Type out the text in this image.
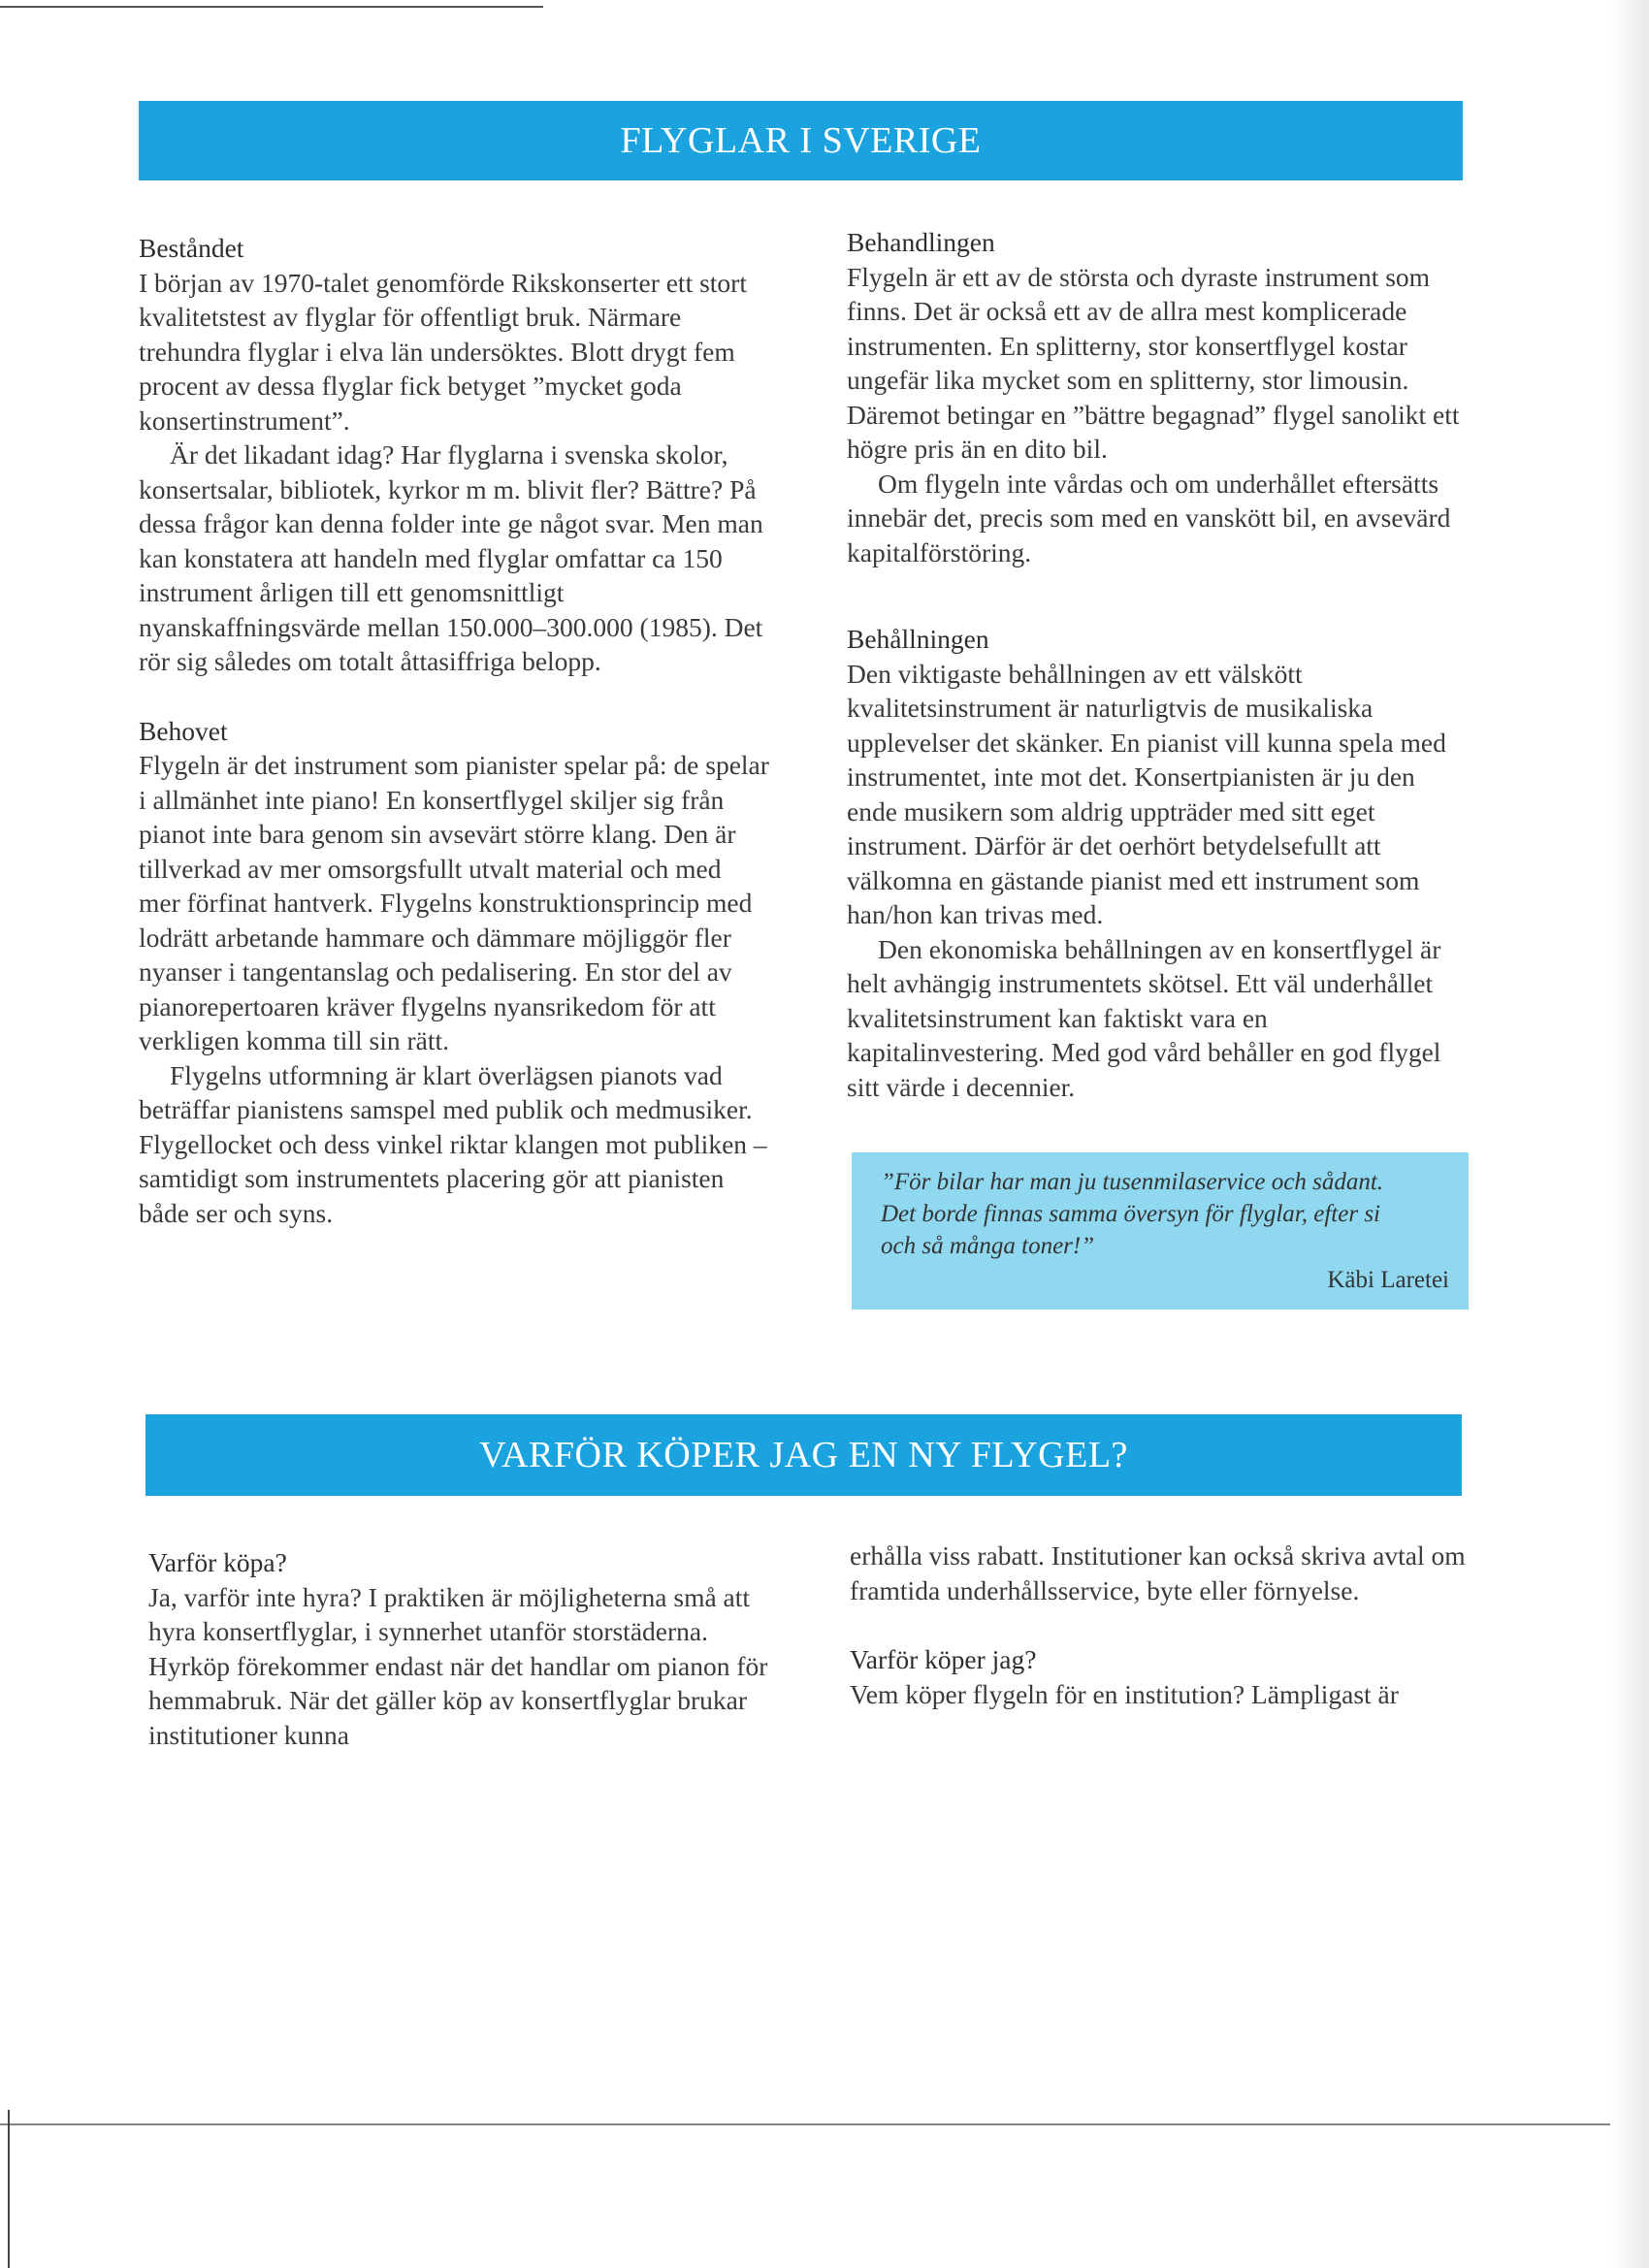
FLYGLAR I SVERIGE
Beståndet

I början av 1970-talet genomförde Rikskonserter ett stort kvalitetstest av flyglar för offentligt bruk. Närmare trehundra flyglar i elva län undersöktes. Blott drygt fem procent av dessa flyglar fick betyget ”mycket goda konsertinstrument”.

Är det likadant idag? Har flyglarna i svenska skolor, konsertsalar, bibliotek, kyrkor m m. blivit fler? Bättre? På dessa frågor kan denna folder inte ge något svar. Men man kan konstatera att handeln med flyglar omfattar ca 150 instrument årligen till ett genomsnittligt nyanskaffningsvärde mellan 150.000–300.000 (1985). Det rör sig således om totalt åttasiffriga belopp.

Behovet

Flygeln är det instrument som pianister spelar på: de spelar i allmänhet inte piano! En konsertflygel skiljer sig från pianot inte bara genom sin avsevärt större klang. Den är tillverkad av mer omsorgsfullt utvalt material och med mer förfinat hantverk. Flygelns konstruktionsprincip med lodrätt arbetande hammare och dämmare möjliggör fler nyanser i tangentanslag och pedalisering. En stor del av pianorepertoaren kräver flygelns nyansrikedom för att verkligen komma till sin rätt.

Flygelns utformning är klart överlägsen pianots vad beträffar pianistens samspel med publik och medmusiker. Flygellocket och dess vinkel riktar klangen mot publiken – samtidigt som instrumentets placering gör att pianisten både ser och syns.

Behandlingen

Flygeln är ett av de största och dyraste instrument som finns. Det är också ett av de allra mest komplicerade instrumenten. En splitterny, stor konsertflygel kostar ungefär lika mycket som en splitterny, stor limousin. Däremot betingar en ”bättre begagnad” flygel sanolikt ett högre pris än en dito bil.

Om flygeln inte vårdas och om underhållet eftersätts innebär det, precis som med en vanskött bil, en avsevärd kapitalförstöring.

Behållningen

Den viktigaste behållningen av ett välskött kvalitetsinstrument är naturligtvis de musikaliska upplevelser det skänker. En pianist vill kunna spela med instrumentet, inte mot det. Konsertpianisten är ju den ende musikern som aldrig uppträder med sitt eget instrument. Därför är det oerhört betydelsefullt att välkomna en gästande pianist med ett instrument som han/hon kan trivas med.

Den ekonomiska behållningen av en konsertflygel är helt avhängig instrumentets skötsel. Ett väl underhållet kvalitetsinstrument kan faktiskt vara en kapitalinvestering. Med god vård behåller en god flygel sitt värde i decennier.

”För bilar har man ju tusenmilaservice och sådant.
Det borde finnas samma översyn för flyglar, efter si
och så många toner!”
Käbi Laretei
VARFÖR KÖPER JAG EN NY FLYGEL?
Varför köpa?

Ja, varför inte hyra? I praktiken är möjligheterna små att hyra konsertflyglar, i synnerhet utanför storstäderna. Hyrköp förekommer endast när det handlar om pianon för hemmabruk. När det gäller köp av konsertflyglar brukar institutioner kunna

erhålla viss rabatt. Institutioner kan också skriva avtal om framtida underhållsservice, byte eller förnyelse.

Varför köper jag?

Vem köper flygeln för en institution? Lämpligast är
